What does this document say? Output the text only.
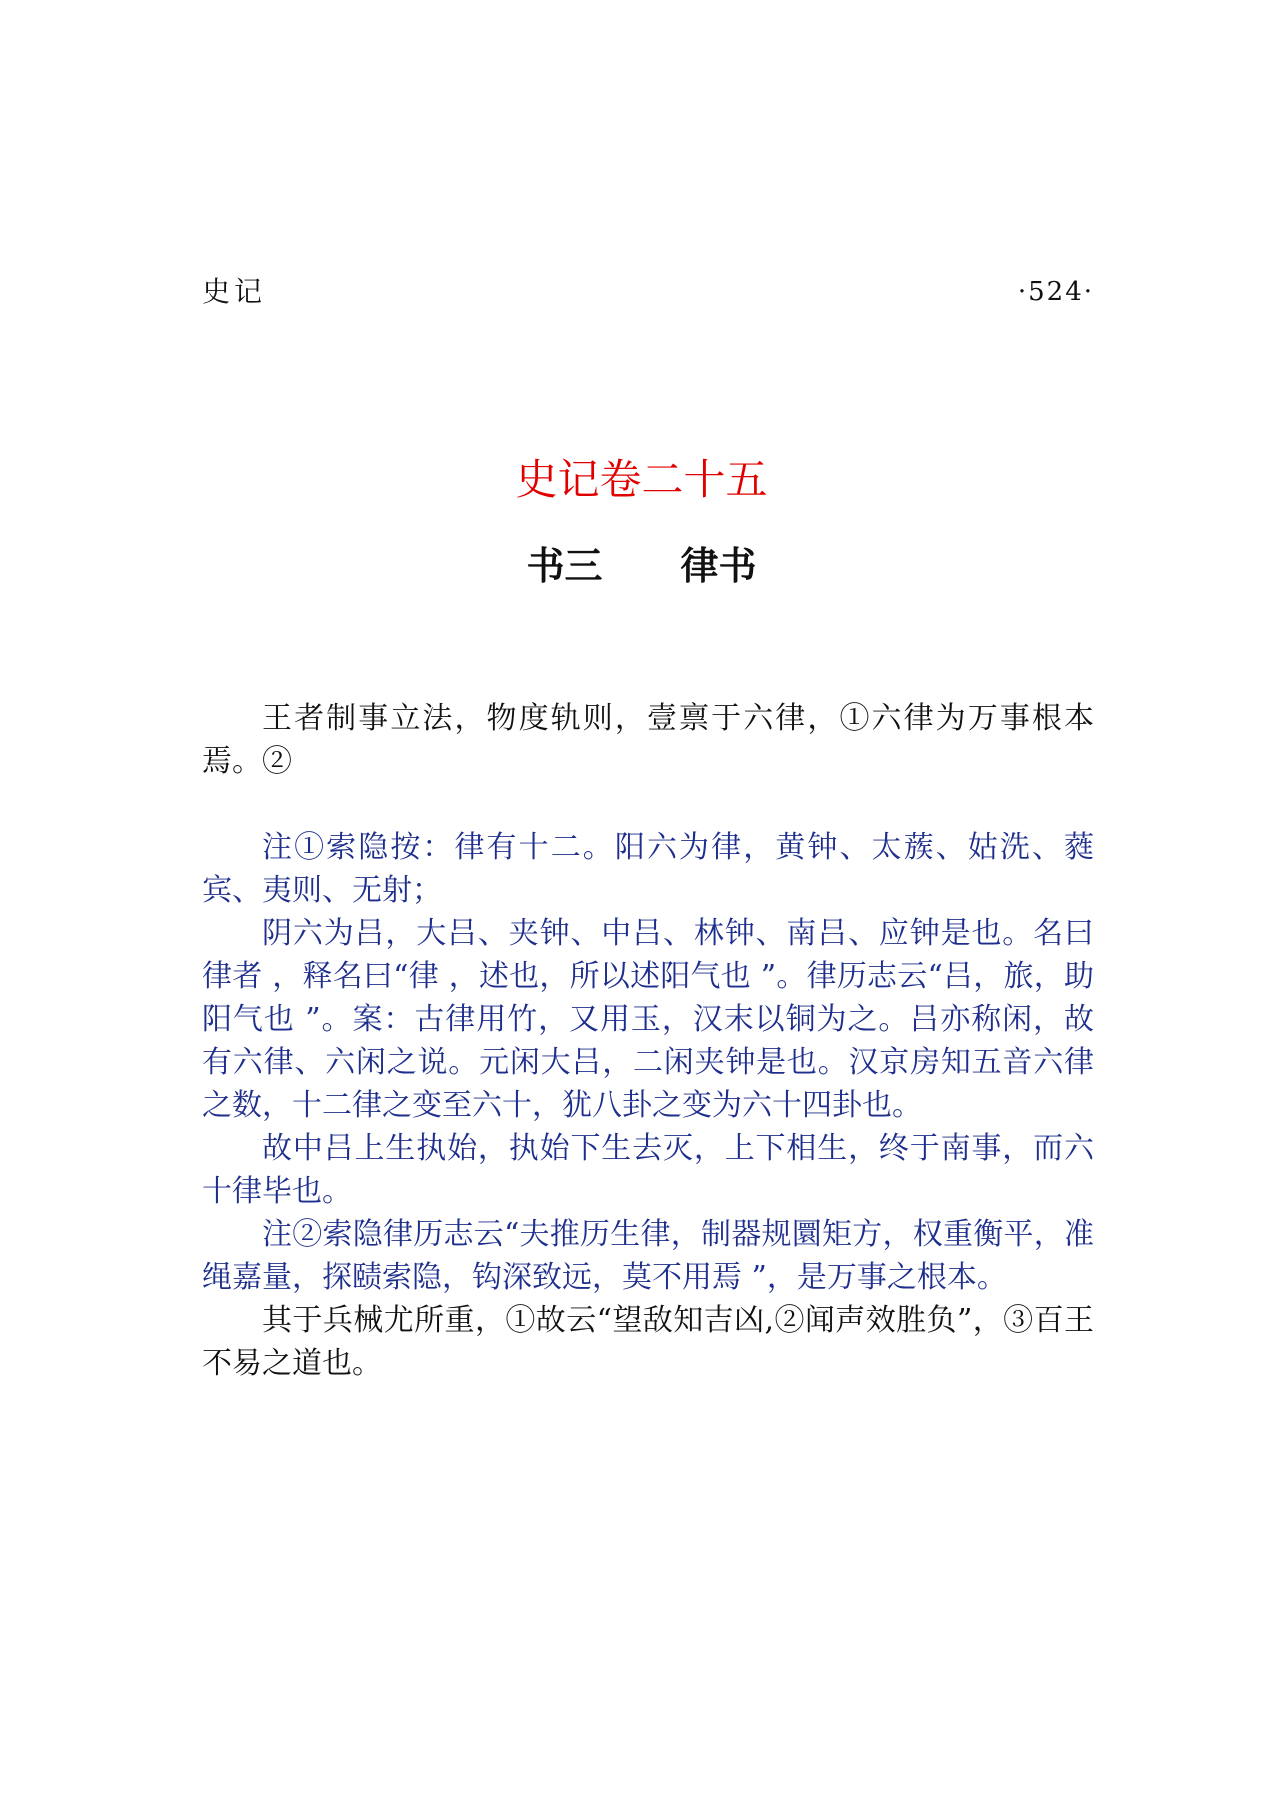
史记	·524·
史记卷二十五
书三 律书

王者制事立法，物度轨则，壹禀于六律，①六律为万事根本焉。②

注①索隐按：律有十二。阳六为律，黄钟、太蔟、姑洗、蕤宾、夷则、无射；

阴六为吕，大吕、夹钟、中吕、林钟、南吕、应钟是也。名曰律者 ，释名曰“律 ，述也，所以述阳气也 ”。律历志云“吕，旅，助阳气也 ”。案：古律用竹，又用玉，汉末以铜为之。吕亦称闲，故有六律、六闲之说。元闲大吕，二闲夹钟是也。汉京房知五音六律之数，十二律之变至六十，犹八卦之变为六十四卦也。

故中吕上生执始，执始下生去灭，上下相生，终于南事，而六十律毕也。

注②索隐律历志云“夫推历生律，制器规圜矩方，权重衡平，准绳嘉量，探赜索隐，钩深致远，莫不用焉 ”，是万事之根本。

其于兵械尤所重，①故云“望敌知吉凶,②闻声效胜负”，③百王不易之道也。
